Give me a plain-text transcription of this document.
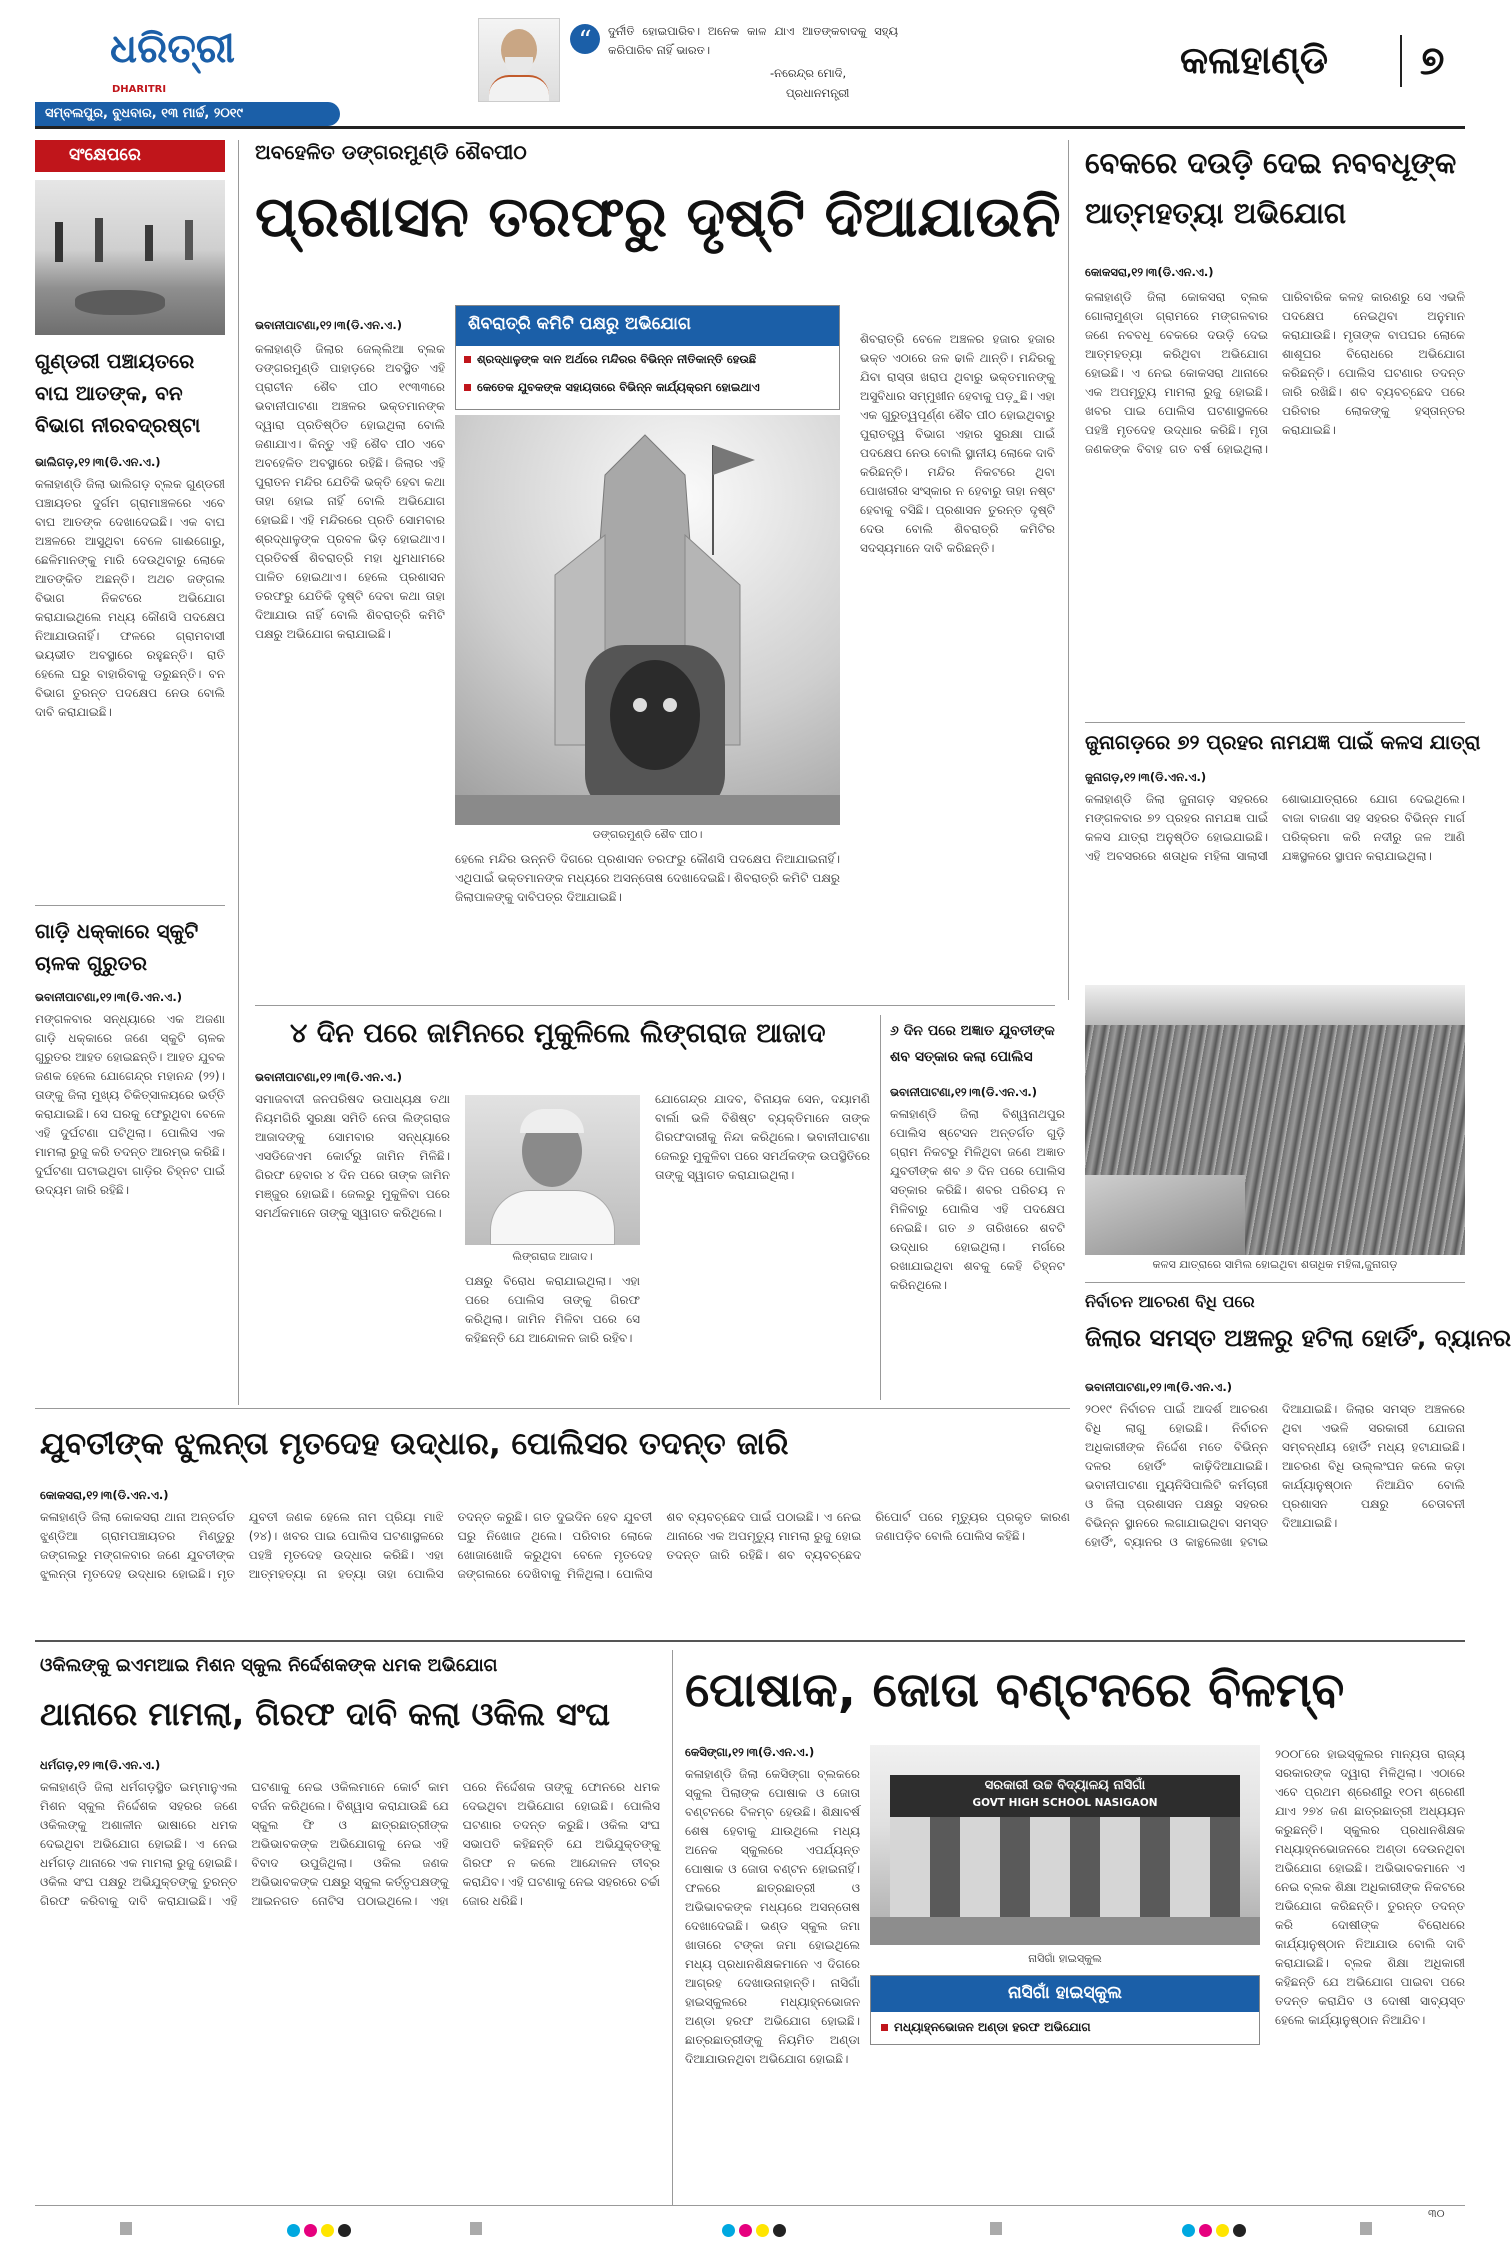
ଧରିତ୍ରୀ
DHARITRI
ସମ୍ବଲପୁର, ବୁଧବାର, ୧୩ ମାର୍ଚ୍ଚ, ୨୦୧୯
“	ଦୁର୍ନୀତି ହୋଇପାରିବ। ଅନେକ କାଳ ଯାଏ ଆତଙ୍କବାଦକୁ ସହ୍ୟ କରିପାରିବ ନାହିଁ ଭାରତ।
-ନରେନ୍ଦ୍ର ମୋଦି,
ପ୍ରଧାନମନ୍ତ୍ରୀ
କଳାହାଣ୍ଡି ୭
ସଂକ୍ଷେପରେ
ଗୁଣ୍ଡରୀ ପଞ୍ଚାୟତରେ ବାଘ ଆତଙ୍କ, ବନ ବିଭାଗ ନୀରବଦ୍ରଷ୍ଟା
ଭାଲିଗଡ଼,୧୨।୩(ଡି.ଏନ.ଏ.)
କଳାହାଣ୍ଡି ଜିଲା ଭାଲିଗଡ଼ ବ୍ଲକ ଗୁଣ୍ଡରୀ ପଞ୍ଚାୟତର ଦୁର୍ଗମ ଗ୍ରାମାଞ୍ଚଳରେ ଏବେ ବାଘ ଆତଙ୍କ ଦେଖାଦେଇଛି। ଏକ ବାଘ ଅଞ୍ଚଳରେ ଆସୁଥିବା ବେଳେ ଗାଈଗୋରୁ, ଛେଳିମାନଙ୍କୁ ମାରି ଦେଉଥିବାରୁ ଲୋକେ ଆତଙ୍କିତ ଅଛନ୍ତି। ଅଥଚ ଜଙ୍ଗଲ ବିଭାଗ ନିକଟରେ ଅଭିଯୋଗ କରାଯାଇଥିଲେ ମଧ୍ୟ କୌଣସି ପଦକ୍ଷେପ ନିଆଯାଉନାହିଁ। ଫଳରେ ଗ୍ରାମବାସୀ ଭୟଭୀତ ଅବସ୍ଥାରେ ରହୁଛନ୍ତି। ରାତି ହେଲେ ଘରୁ ବାହାରିବାକୁ ଡରୁଛନ୍ତି। ବନ ବିଭାଗ ତୁରନ୍ତ ପଦକ୍ଷେପ ନେଉ ବୋଲି ଦାବି କରାଯାଇଛି।
ଗାଡ଼ି ଧକ୍କାରେ ସ୍କୁଟି ଚାଳକ ଗୁରୁତର
ଭବାନୀପାଟଣା,୧୨।୩(ଡି.ଏନ.ଏ.)
ମଙ୍ଗଳବାର ସନ୍ଧ୍ୟାରେ ଏକ ଅଜଣା ଗାଡ଼ି ଧକ୍କାରେ ଜଣେ ସ୍କୁଟି ଚାଳକ ଗୁରୁତର ଆହତ ହୋଇଛନ୍ତି। ଆହତ ଯୁବକ ଜଣକ ହେଲେ ଯୋଗେନ୍ଦ୍ର ମହାନନ୍ଦ (୨୨)। ତାଙ୍କୁ ଜିଲା ମୁଖ୍ୟ ଚିକିତ୍ସାଳୟରେ ଭର୍ତ୍ତି କରାଯାଇଛି। ସେ ଘରକୁ ଫେରୁଥିବା ବେଳେ ଏହି ଦୁର୍ଘଟଣା ଘଟିଥିଲା। ପୋଲିସ ଏକ ମାମଲା ରୁଜୁ କରି ତଦନ୍ତ ଆରମ୍ଭ କରିଛି। ଦୁର୍ଘଟଣା ଘଟାଇଥିବା ଗାଡ଼ିର ଚିହ୍ନଟ ପାଇଁ ଉଦ୍ୟମ ଜାରି ରହିଛି।
ଅବହେଳିତ ଡଙ୍ଗରମୁଣ୍ଡି ଶୈବପୀଠ
ପ୍ରଶାସନ ତରଫରୁ ଦୃଷ୍ଟି ଦିଆଯାଉନି
ଭବାନୀପାଟଣା,୧୨।୩(ଡି.ଏନ.ଏ.)
କଳାହାଣ୍ଡି ଜିଲାର ଜେଲ୍ଲିଆ ବ୍ଲକ ଡଙ୍ଗରମୁଣ୍ଡି ପାହାଡ଼ରେ ଅବସ୍ଥିତ ଏହି ପ୍ରାଚୀନ ଶୈବ ପୀଠ ୧୯୩୩ରେ ଭବାନୀପାଟଣା ଅଞ୍ଚଳର ଭକ୍ତମାନଙ୍କ ଦ୍ୱାରା ପ୍ରତିଷ୍ଠିତ ହୋଇଥିଲା ବୋଲି ଜଣାଯାଏ। କିନ୍ତୁ ଏହି ଶୈବ ପୀଠ ଏବେ ଅବହେଳିତ ଅବସ୍ଥାରେ ରହିଛି। ଜିଲାର ଏହି ପୁରାତନ ମନ୍ଦିର ଯେତିକି ଭକ୍ତି ହେବା କଥା ତାହା ହୋଇ ନାହିଁ ବୋଲି ଅଭିଯୋଗ ହୋଇଛି। ଏହି ମନ୍ଦିରରେ ପ୍ରତି ସୋମବାର ଶ୍ରଦ୍ଧାଳୁଙ୍କ ପ୍ରବଳ ଭିଡ଼ ହୋଇଥାଏ। ପ୍ରତିବର୍ଷ ଶିବରାତ୍ରି ମହା ଧୁମଧାମରେ ପାଳିତ ହୋଇଥାଏ। ହେଲେ ପ୍ରଶାସନ ତରଫରୁ ଯେତିକି ଦୃଷ୍ଟି ଦେବା କଥା ତାହା ଦିଆଯାଉ ନାହିଁ ବୋଲି ଶିବରାତ୍ରି କମିଟି ପକ୍ଷରୁ ଅଭିଯୋଗ କରାଯାଇଛି।
ଶିବରାତ୍ରି କମିଟି ପକ୍ଷରୁ ଅଭିଯୋଗ
ଶ୍ରଦ୍ଧାଳୁଙ୍କ ଦାନ ଅର୍ଥରେ ମନ୍ଦିରର ବିଭିନ୍ନ ନୀତିକାନ୍ତି ହେଉଛି
କେତେକ ଯୁବକଙ୍କ ସହାୟତାରେ ବିଭିନ୍ନ କାର୍ଯ୍ୟକ୍ରମ ହୋଇଥାଏ
ଡଙ୍ଗରମୁଣ୍ଡି ଶୈବ ପୀଠ।
ହେଲେ ମନ୍ଦିର ଉନ୍ନତି ଦିଗରେ ପ୍ରଶାସନ ତରଫରୁ କୌଣସି ପଦକ୍ଷେପ ନିଆଯାଇନାହିଁ। ଏଥିପାଇଁ ଭକ୍ତମାନଙ୍କ ମଧ୍ୟରେ ଅସନ୍ତୋଷ ଦେଖାଦେଇଛି। ଶିବରାତ୍ରି କମିଟି ପକ୍ଷରୁ ଜିଲାପାଳଙ୍କୁ ଦାବିପତ୍ର ଦିଆଯାଇଛି।
ଶିବରାତ୍ରି ବେଳେ ଅଞ୍ଚଳର ହଜାର ହଜାର ଭକ୍ତ ଏଠାରେ ଜଳ ଢାଳି ଥାନ୍ତି। ମନ୍ଦିରକୁ ଯିବା ରାସ୍ତା ଖରାପ ଥିବାରୁ ଭକ୍ତମାନଙ୍କୁ ଅସୁବିଧାର ସମ୍ମୁଖୀନ ହେବାକୁ ପଡ଼ୁଛି। ଏହା ଏକ ଗୁରୁତ୍ୱପୂର୍ଣ୍ଣ ଶୈବ ପୀଠ ହୋଇଥିବାରୁ ପୁରାତତ୍ତ୍ୱ ବିଭାଗ ଏହାର ସୁରକ୍ଷା ପାଇଁ ପଦକ୍ଷେପ ନେଉ ବୋଲି ସ୍ଥାନୀୟ ଲୋକେ ଦାବି କରିଛନ୍ତି। ମନ୍ଦିର ନିକଟରେ ଥିବା ପୋଖରୀର ସଂସ୍କାର ନ ହେବାରୁ ତାହା ନଷ୍ଟ ହେବାକୁ ବସିଛି। ପ୍ରଶାସନ ତୁରନ୍ତ ଦୃଷ୍ଟି ଦେଉ ବୋଲି ଶିବରାତ୍ରି କମିଟିର ସଦସ୍ୟମାନେ ଦାବି କରିଛନ୍ତି।
ବେକରେ ଦଉଡ଼ି ଦେଇ ନବବଧୂଙ୍କ ଆତ୍ମହତ୍ୟା ଅଭିଯୋଗ
କୋକସରା,୧୨।୩(ଡି.ଏନ.ଏ.)
କଳାହାଣ୍ଡି ଜିଲା କୋକସରା ବ୍ଲକ ଗୋଲାମୁଣ୍ଡା ଗ୍ରାମରେ ମଙ୍ଗଳବାର ଜଣେ ନବବଧୂ ବେକରେ ଦଉଡ଼ି ଦେଇ ଆତ୍ମହତ୍ୟା କରିଥିବା ଅଭିଯୋଗ ହୋଇଛି। ଏ ନେଇ କୋକସରା ଥାନାରେ ଏକ ଅପମୃତ୍ୟୁ ମାମଲା ରୁଜୁ ହୋଇଛି। ଖବର ପାଇ ପୋଲିସ ଘଟଣାସ୍ଥଳରେ ପହଞ୍ଚି ମୃତଦେହ ଉଦ୍ଧାର କରିଛି। ମୃତା ଜଣକଙ୍କ ବିବାହ ଗତ ବର୍ଷ ହୋଇଥିଲା। ପାରିବାରିକ କଳହ କାରଣରୁ ସେ ଏଭଳି ପଦକ୍ଷେପ ନେଇଥିବା ଅନୁମାନ କରାଯାଉଛି। ମୃତାଙ୍କ ବାପଘର ଲୋକେ ଶାଶୂଘର ବିରୋଧରେ ଅଭିଯୋଗ କରିଛନ୍ତି। ପୋଲିସ ଘଟଣାର ତଦନ୍ତ ଜାରି ରଖିଛି। ଶବ ବ୍ୟବଚ୍ଛେଦ ପରେ ପରିବାର ଲୋକଙ୍କୁ ହସ୍ତାନ୍ତର କରାଯାଇଛି।
ଜୁନାଗଡ଼ରେ ୭୨ ପ୍ରହର ନାମଯଜ୍ଞ ପାଇଁ କଳସ ଯାତ୍ରା
ଜୁନାଗଡ଼,୧୨।୩(ଡି.ଏନ.ଏ.)
କଳାହାଣ୍ଡି ଜିଲା ଜୁନାଗଡ଼ ସହରରେ ମଙ୍ଗଳବାର ୭୨ ପ୍ରହର ନାମଯଜ୍ଞ ପାଇଁ କଳସ ଯାତ୍ରା ଅନୁଷ୍ଠିତ ହୋଇଯାଇଛି। ଏହି ଅବସରରେ ଶତାଧିକ ମହିଳା ସାଲାସୀ ଶୋଭାଯାତ୍ରାରେ ଯୋଗ ଦେଇଥିଲେ। ବାଜା ବାଜଣା ସହ ସହରର ବିଭିନ୍ନ ମାର୍ଗ ପରିକ୍ରମା କରି ନଦୀରୁ ଜଳ ଆଣି ଯଜ୍ଞସ୍ଥଳରେ ସ୍ଥାପନ କରାଯାଇଥିଲା।
କଳସ ଯାତ୍ରାରେ ସାମିଲ ହୋଇଥିବା ଶତାଧିକ ମହିଳା,ଜୁନାଗଡ଼
ନିର୍ବାଚନ ଆଚରଣ ବିଧି ପରେ
ଜିଲାର ସମସ୍ତ ଅଞ୍ଚଳରୁ ହଟିଲା ହୋର୍ଡିଂ, ବ୍ୟାନର
ଭବାନୀପାଟଣା,୧୨।୩(ଡି.ଏନ.ଏ.)
୨୦୧୯ ନିର୍ବାଚନ ପାଇଁ ଆଦର୍ଶ ଆଚରଣ ବିଧି ଲାଗୁ ହୋଇଛି। ନିର୍ବାଚନ ଅଧିକାରୀଙ୍କ ନିର୍ଦ୍ଦେଶ ମତେ ବିଭିନ୍ନ ଦଳର ହୋର୍ଡିଂ କାଢ଼ିଦିଆଯାଇଛି। ଭବାନୀପାଟଣା ମ୍ୟୁନିସିପାଲିଟି କର୍ମଚାରୀ ଓ ଜିଲା ପ୍ରଶାସନ ପକ୍ଷରୁ ସହରର ବିଭିନ୍ନ ସ୍ଥାନରେ ଲଗାଯାଇଥିବା ସମସ୍ତ ହୋର୍ଡିଂ, ବ୍ୟାନର ଓ କାନ୍ଥଲେଖା ହଟାଇ ଦିଆଯାଇଛି। ଜିଲାର ସମସ୍ତ ଅଞ୍ଚଳରେ ଥିବା ଏଭଳି ସରକାରୀ ଯୋଜନା ସମ୍ବନ୍ଧୀୟ ହୋର୍ଡିଂ ମଧ୍ୟ ହଟାଯାଇଛି। ଆଚରଣ ବିଧି ଉଲ୍ଲଂଘନ କଲେ କଡ଼ା କାର୍ଯ୍ୟାନୁଷ୍ଠାନ ନିଆଯିବ ବୋଲି ପ୍ରଶାସନ ପକ୍ଷରୁ ଚେତାବନୀ ଦିଆଯାଇଛି।
୪ ଦିନ ପରେ ଜାମିନରେ ମୁକୁଳିଲେ ଲିଙ୍ଗରାଜ ଆଜାଦ
ଭବାନୀପାଟଣା,୧୨।୩(ଡି.ଏନ.ଏ.)
ସମାଜବାଦୀ ଜନପରିଷଦ ଉପାଧ୍ୟକ୍ଷ ତଥା ନିୟମଗିରି ସୁରକ୍ଷା ସମିତି ନେତା ଲିଙ୍ଗରାଜ ଆଜାଦଙ୍କୁ ସୋମବାର ସନ୍ଧ୍ୟାରେ ଏସଡିଜେଏମ କୋର୍ଟରୁ ଜାମିନ ମିଳିଛି। ଗିରଫ ହେବାର ୪ ଦିନ ପରେ ତାଙ୍କ ଜାମିନ ମଞ୍ଜୁର ହୋଇଛି। ଜେଲରୁ ମୁକୁଳିବା ପରେ ସମର୍ଥକମାନେ ତାଙ୍କୁ ସ୍ୱାଗତ କରିଥିଲେ।
ଲିଙ୍ଗରାଜ ଆଜାଦ।
ପକ୍ଷରୁ ବିରୋଧ କରାଯାଇଥିଲା। ଏହା ପରେ ପୋଲିସ ତାଙ୍କୁ ଗିରଫ କରିଥିଲା। ଜାମିନ ମିଳିବା ପରେ ସେ କହିଛନ୍ତି ଯେ ଆନ୍ଦୋଳନ ଜାରି ରହିବ।
ଯୋଗେନ୍ଦ୍ର ଯାଦବ, ବିନାୟକ ସେନ, ଦୟାମଣି ବାର୍ଲା ଭଳି ବିଶିଷ୍ଟ ବ୍ୟକ୍ତିମାନେ ତାଙ୍କ ଗିରଫଦାରୀକୁ ନିନ୍ଦା କରିଥିଲେ। ଭବାନୀପାଟଣା ଜେଲରୁ ମୁକୁଳିବା ପରେ ସମର୍ଥକଙ୍କ ଉପସ୍ଥିତିରେ ତାଙ୍କୁ ସ୍ୱାଗତ କରାଯାଇଥିଲା।
୬ ଦିନ ପରେ ଅଜ୍ଞାତ ଯୁବତୀଙ୍କ ଶବ ସତ୍କାର କଲା ପୋଲିସ
ଭବାନୀପାଟଣା,୧୨।୩(ଡି.ଏନ.ଏ.)
କଳାହାଣ୍ଡି ଜିଲା ବିଶ୍ୱନାଥପୁର ପୋଲିସ ଷ୍ଟେସନ ଅନ୍ତର୍ଗତ ଗୁଡ଼ି ଗ୍ରାମ ନିକଟରୁ ମିଳିଥିବା ଜଣେ ଅଜ୍ଞାତ ଯୁବତୀଙ୍କ ଶବ ୬ ଦିନ ପରେ ପୋଲିସ ସତ୍କାର କରିଛି। ଶବର ପରିଚୟ ନ ମିଳିବାରୁ ପୋଲିସ ଏହି ପଦକ୍ଷେପ ନେଇଛି। ଗତ ୬ ତାରିଖରେ ଶବଟି ଉଦ୍ଧାର ହୋଇଥିଲା। ମର୍ଗରେ ରଖାଯାଇଥିବା ଶବକୁ କେହି ଚିହ୍ନଟ କରିନଥିଲେ।
ଯୁବତୀଙ୍କ ଝୁଲନ୍ତା ମୃତଦେହ ଉଦ୍ଧାର, ପୋଲିସର ତଦନ୍ତ ଜାରି
କୋକସରା,୧୨।୩(ଡି.ଏନ.ଏ.)
କଳାହାଣ୍ଡି ଜିଲା କୋକସରା ଥାନା ଅନ୍ତର୍ଗତ ଝୁଣ୍ଡିଆ ଗ୍ରାମପଞ୍ଚାୟତର ମିଣ୍ଡୁରୁ ଜଙ୍ଗଲରୁ ମଙ୍ଗଳବାର ଜଣେ ଯୁବତୀଙ୍କ ଝୁଲନ୍ତା ମୃତଦେହ ଉଦ୍ଧାର ହୋଇଛି। ମୃତ ଯୁବତୀ ଜଣକ ହେଲେ ନାମ ପ୍ରିୟା ମାଝି (୨୪)। ଖବର ପାଇ ପୋଲିସ ଘଟଣାସ୍ଥଳରେ ପହଞ୍ଚି ମୃତଦେହ ଉଦ୍ଧାର କରିଛି। ଏହା ଆତ୍ମହତ୍ୟା ନା ହତ୍ୟା ତାହା ପୋଲିସ ତଦନ୍ତ କରୁଛି। ଗତ ଦୁଇଦିନ ହେବ ଯୁବତୀ ଘରୁ ନିଖୋଜ ଥିଲେ। ପରିବାର ଲୋକେ ଖୋଜାଖୋଜି କରୁଥିବା ବେଳେ ମୃତଦେହ ଜଙ୍ଗଲରେ ଦେଖିବାକୁ ମିଳିଥିଲା। ପୋଲିସ ଶବ ବ୍ୟବଚ୍ଛେଦ ପାଇଁ ପଠାଇଛି। ଏ ନେଇ ଥାନାରେ ଏକ ଅପମୃତ୍ୟୁ ମାମଲା ରୁଜୁ ହୋଇ ତଦନ୍ତ ଜାରି ରହିଛି। ଶବ ବ୍ୟବଚ୍ଛେଦ ରିପୋର୍ଟ ପରେ ମୃତ୍ୟୁର ପ୍ରକୃତ କାରଣ ଜଣାପଡ଼ିବ ବୋଲି ପୋଲିସ କହିଛି।
ଓକିଲଙ୍କୁ ଇଏମଆଇ ମିଶନ ସ୍କୁଲ ନିର୍ଦ୍ଦେଶକଙ୍କ ଧମକ ଅଭିଯୋଗ
ଥାନାରେ ମାମଲା, ଗିରଫ ଦାବି କଲା ଓକିଲ ସଂଘ
ଧର୍ମଗଡ଼,୧୨।୩(ଡି.ଏନ.ଏ.)
କଳାହାଣ୍ଡି ଜିଲା ଧର୍ମଗଡ଼ସ୍ଥିତ ଇମ୍ମାନୁଏଲ ମିଶନ ସ୍କୁଲ ନିର୍ଦ୍ଦେଶକ ସହରର ଜଣେ ଓକିଲଙ୍କୁ ଅଶାଳୀନ ଭାଷାରେ ଧମକ ଦେଇଥିବା ଅଭିଯୋଗ ହୋଇଛି। ଏ ନେଇ ଧର୍ମଗଡ଼ ଥାନାରେ ଏକ ମାମଲା ରୁଜୁ ହୋଇଛି। ଓକିଲ ସଂଘ ପକ୍ଷରୁ ଅଭିଯୁକ୍ତଙ୍କୁ ତୁରନ୍ତ ଗିରଫ କରିବାକୁ ଦାବି କରାଯାଇଛି। ଏହି ଘଟଣାକୁ ନେଇ ଓକିଲମାନେ କୋର୍ଟ କାମ ବର୍ଜନ କରିଥିଲେ। ବିଶ୍ୱାସ କରାଯାଉଛି ଯେ ସ୍କୁଲ ଫି ଓ ଛାତ୍ରଛାତ୍ରୀଙ୍କ ଅଭିଭାବକଙ୍କ ଅଭିଯୋଗକୁ ନେଇ ଏହି ବିବାଦ ଉପୁଜିଥିଲା। ଓକିଲ ଜଣକ ଅଭିଭାବକଙ୍କ ପକ୍ଷରୁ ସ୍କୁଲ କର୍ତ୍ତୃପକ୍ଷଙ୍କୁ ଆଇନଗତ ନୋଟିସ ପଠାଇଥିଲେ। ଏହା ପରେ ନିର୍ଦ୍ଦେଶକ ତାଙ୍କୁ ଫୋନରେ ଧମକ ଦେଇଥିବା ଅଭିଯୋଗ ହୋଇଛି। ପୋଲିସ ଘଟଣାର ତଦନ୍ତ କରୁଛି। ଓକିଲ ସଂଘ ସଭାପତି କହିଛନ୍ତି ଯେ ଅଭିଯୁକ୍ତଙ୍କୁ ଗିରଫ ନ କଲେ ଆନ୍ଦୋଳନ ତୀବ୍ର କରାଯିବ। ଏହି ଘଟଣାକୁ ନେଇ ସହରରେ ଚର୍ଚ୍ଚା ଜୋର ଧରିଛି।
ପୋଷାକ, ଜୋତା ବଣ୍ଟନରେ ବିଳମ୍ବ
କେସିଙ୍ଗା,୧୨।୩(ଡି.ଏନ.ଏ.)
କଳାହାଣ୍ଡି ଜିଲା କେସିଙ୍ଗା ବ୍ଲକରେ ସ୍କୁଲ ପିଲାଙ୍କ ପୋଷାକ ଓ ଜୋତା ବଣ୍ଟନରେ ବିଳମ୍ବ ହେଉଛି। ଶିକ୍ଷାବର୍ଷ ଶେଷ ହେବାକୁ ଯାଉଥିଲେ ମଧ୍ୟ ଅନେକ ସ୍କୁଲରେ ଏପର୍ଯ୍ୟନ୍ତ ପୋଷାକ ଓ ଜୋତା ବଣ୍ଟନ ହୋଇନାହିଁ। ଫଳରେ ଛାତ୍ରଛାତ୍ରୀ ଓ ଅଭିଭାବକଙ୍କ ମଧ୍ୟରେ ଅସନ୍ତୋଷ ଦେଖାଦେଇଛି। ଭଣ୍ଡ ସ୍କୁଲ ଜମା ଖାତାରେ ଟଙ୍କା ଜମା ହୋଇଥିଲେ ମଧ୍ୟ ପ୍ରଧାନଶିକ୍ଷକମାନେ ଏ ଦିଗରେ ଆଗ୍ରହ ଦେଖାଉନାହାନ୍ତି। ନାସିଗାଁ ହାଇସ୍କୁଲରେ ମଧ୍ୟାହ୍ନଭୋଜନ ଅଣ୍ଡା ହରଫ ଅଭିଯୋଗ ହୋଇଛି। ଛାତ୍ରଛାତ୍ରୀଙ୍କୁ ନିୟମିତ ଅଣ୍ଡା ଦିଆଯାଉନଥିବା ଅଭିଯୋଗ ହୋଇଛି।
ସରକାରୀ ଉଚ୍ଚ ବିଦ୍ୟାଳୟ ନାସିଗାଁ
GOVT HIGH SCHOOL NASIGAON
ନାସିଗାଁ ହାଇସ୍କୁଲ
ନାସିଗାଁ ହାଇସ୍କୁଲ
ମଧ୍ୟାହ୍ନଭୋଜନ ଅଣ୍ଡା ହରଫ ଅଭିଯୋଗ
୨୦୦୮ରେ ହାଇସ୍କୁଲର ମାନ୍ୟତା ରାଜ୍ୟ ସରକାରଙ୍କ ଦ୍ୱାରା ମିଳିଥିଲା। ଏଠାରେ ଏବେ ପ୍ରଥମ ଶ୍ରେଣୀରୁ ୧୦ମ ଶ୍ରେଣୀ ଯାଏ ୨୭୪ ଜଣ ଛାତ୍ରଛାତ୍ରୀ ଅଧ୍ୟୟନ କରୁଛନ୍ତି। ସ୍କୁଲର ପ୍ରଧାନଶିକ୍ଷକ ମଧ୍ୟାହ୍ନଭୋଜନରେ ଅଣ୍ଡା ଦେଉନଥିବା ଅଭିଯୋଗ ହୋଇଛି। ଅଭିଭାବକମାନେ ଏ ନେଇ ବ୍ଲକ ଶିକ୍ଷା ଅଧିକାରୀଙ୍କ ନିକଟରେ ଅଭିଯୋଗ କରିଛନ୍ତି। ତୁରନ୍ତ ତଦନ୍ତ କରି ଦୋଷୀଙ୍କ ବିରୋଧରେ କାର୍ଯ୍ୟାନୁଷ୍ଠାନ ନିଆଯାଉ ବୋଲି ଦାବି କରାଯାଇଛି। ବ୍ଲକ ଶିକ୍ଷା ଅଧିକାରୀ କହିଛନ୍ତି ଯେ ଅଭିଯୋଗ ପାଇବା ପରେ ତଦନ୍ତ କରାଯିବ ଓ ଦୋଷୀ ସାବ୍ୟସ୍ତ ହେଲେ କାର୍ଯ୍ୟାନୁଷ୍ଠାନ ନିଆଯିବ।
୩୦
